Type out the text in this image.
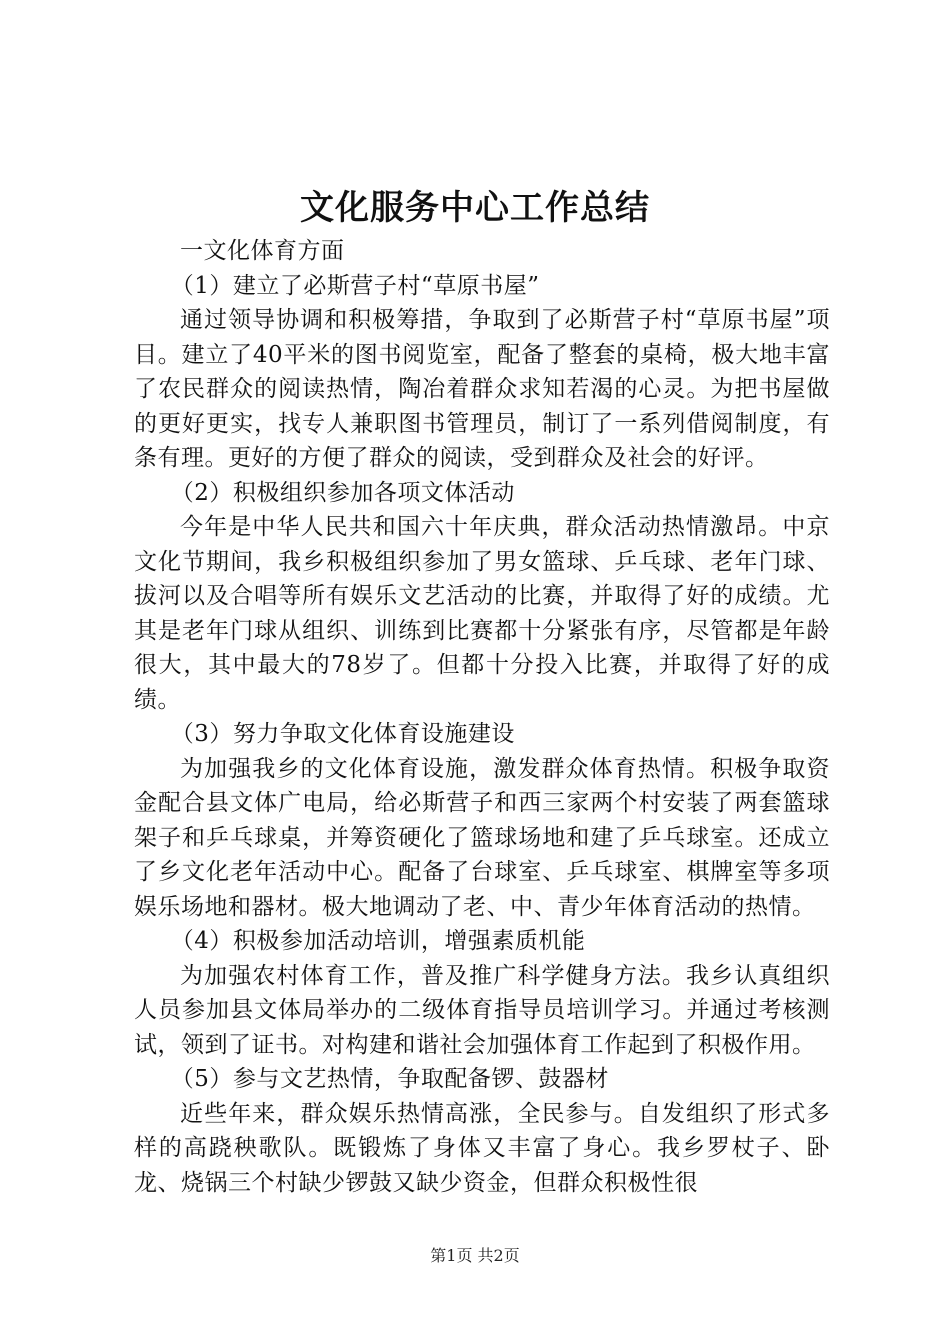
文化服务中心工作总结

一文化体育方面

（1）建立了必斯营子村“草原书屋”

通过领导协调和积极筹措，争取到了必斯营子村“草原书屋”项目。建立了40平米的图书阅览室，配备了整套的桌椅，极大地丰富了农民群众的阅读热情，陶冶着群众求知若渴的心灵。为把书屋做的更好更实，找专人兼职图书管理员，制订了一系列借阅制度，有条有理。更好的方便了群众的阅读，受到群众及社会的好评。

（2）积极组织参加各项文体活动

今年是中华人民共和国六十年庆典，群众活动热情激昂。中京文化节期间，我乡积极组织参加了男女篮球、乒乓球、老年门球、拔河以及合唱等所有娱乐文艺活动的比赛，并取得了好的成绩。尤其是老年门球从组织、训练到比赛都十分紧张有序，尽管都是年龄很大，其中最大的78岁了。但都十分投入比赛，并取得了好的成绩。

（3）努力争取文化体育设施建设

为加强我乡的文化体育设施，激发群众体育热情。积极争取资金配合县文体广电局，给必斯营子和西三家两个村安装了两套篮球架子和乒乓球桌，并筹资硬化了篮球场地和建了乒乓球室。还成立了乡文化老年活动中心。配备了台球室、乒乓球室、棋牌室等多项娱乐场地和器材。极大地调动了老、中、青少年体育活动的热情。

（4）积极参加活动培训，增强素质机能

为加强农村体育工作，普及推广科学健身方法。我乡认真组织人员参加县文体局举办的二级体育指导员培训学习。并通过考核测试，领到了证书。对构建和谐社会加强体育工作起到了积极作用。

（5）参与文艺热情，争取配备锣、鼓器材

近些年来，群众娱乐热情高涨，全民参与。自发组织了形式多样的高跷秧歌队。既锻炼了身体又丰富了身心。我乡罗杖子、卧龙、烧锅三个村缺少锣鼓又缺少资金，但群众积极性很

第1页 共2页
